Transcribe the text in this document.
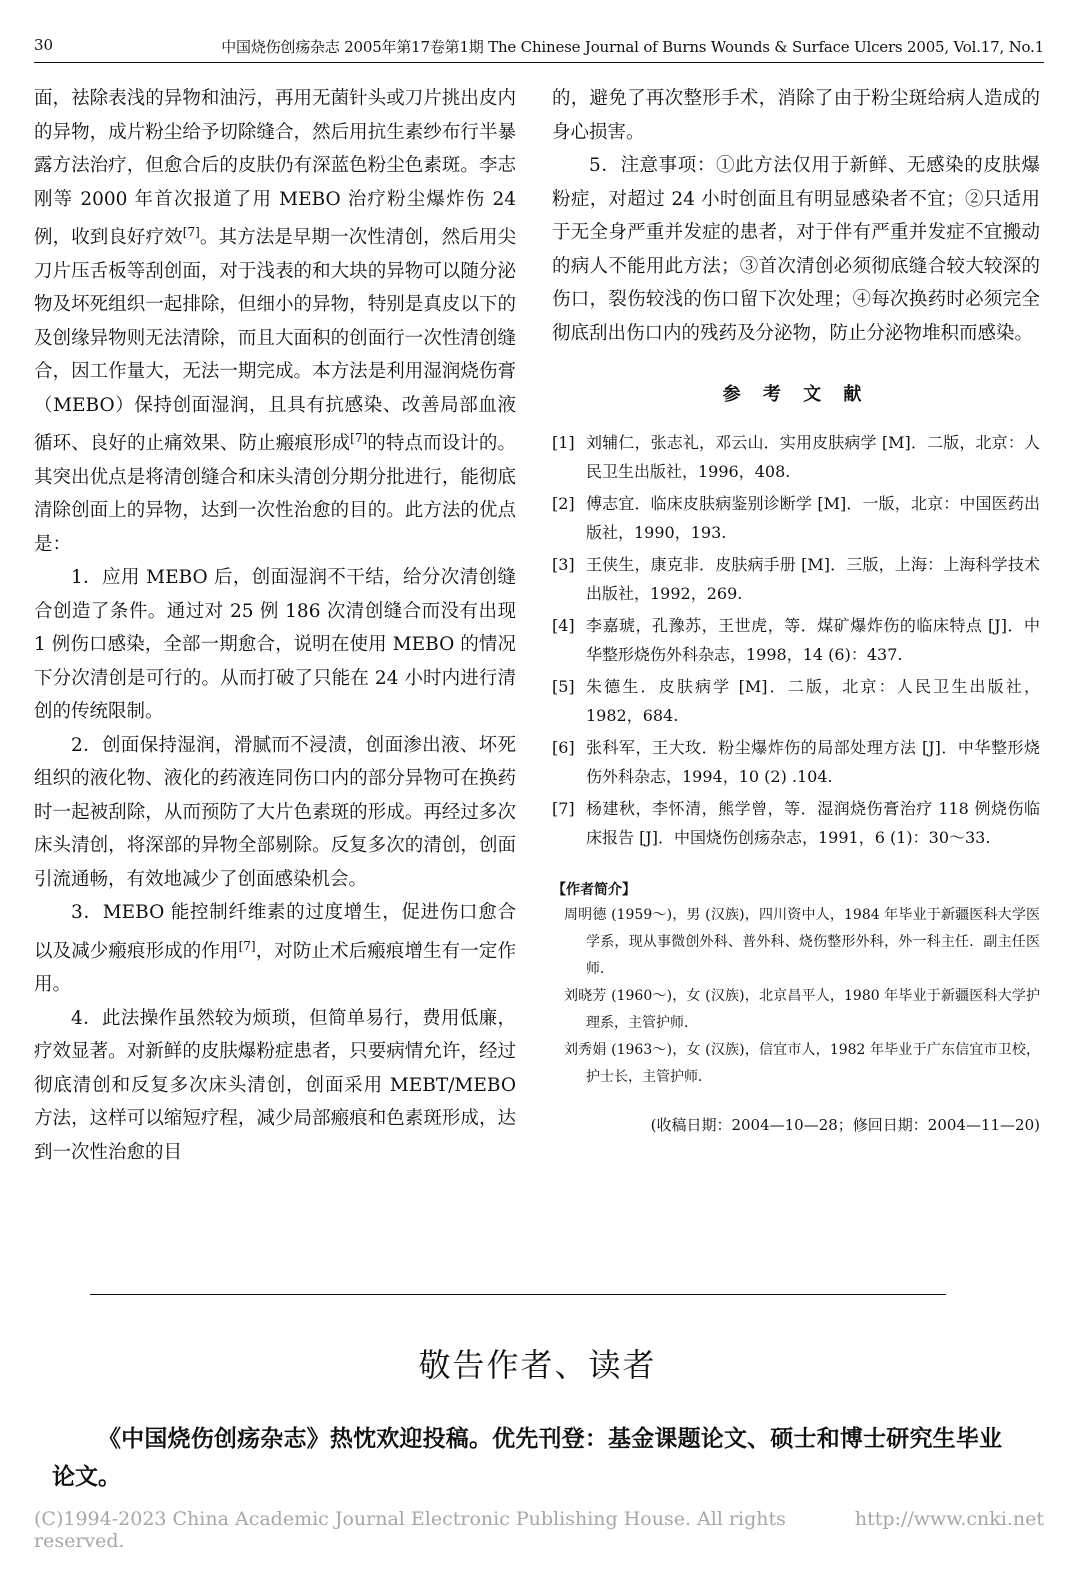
30	中国烧伤创疡杂志 2005年第17卷第1期 The Chinese Journal of Burns Wounds & Surface Ulcers 2005, Vol.17, No.1

面，祛除表浅的异物和油污，再用无菌针头或刀片挑出皮内的异物，成片粉尘给予切除缝合，然后用抗生素纱布行半暴露方法治疗，但愈合后的皮肤仍有深蓝色粉尘色素斑。李志刚等 2000 年首次报道了用 MEBO 治疗粉尘爆炸伤 24 例，收到良好疗效[7]。其方法是早期一次性清创，然后用尖刀片压舌板等刮创面，对于浅表的和大块的异物可以随分泌物及坏死组织一起排除，但细小的异物，特别是真皮以下的及创缘异物则无法清除，而且大面积的创面行一次性清创缝合，因工作量大，无法一期完成。本方法是利用湿润烧伤膏（MEBO）保持创面湿润，且具有抗感染、改善局部血液循环、良好的止痛效果、防止瘢痕形成[7]的特点而设计的。其突出优点是将清创缝合和床头清创分期分批进行，能彻底清除创面上的异物，达到一次性治愈的目的。此方法的优点是：

1．应用 MEBO 后，创面湿润不干结，给分次清创缝合创造了条件。通过对 25 例 186 次清创缝合而没有出现 1 例伤口感染，全部一期愈合，说明在使用 MEBO 的情况下分次清创是可行的。从而打破了只能在 24 小时内进行清创的传统限制。

2．创面保持湿润，滑腻而不浸渍，创面渗出液、坏死组织的液化物、液化的药液连同伤口内的部分异物可在换药时一起被刮除，从而预防了大片色素斑的形成。再经过多次床头清创，将深部的异物全部剔除。反复多次的清创，创面引流通畅，有效地减少了创面感染机会。

3．MEBO 能控制纤维素的过度增生，促进伤口愈合以及减少瘢痕形成的作用[7]，对防止术后瘢痕增生有一定作用。

4．此法操作虽然较为烦琐，但简单易行，费用低廉，疗效显著。对新鲜的皮肤爆粉症患者，只要病情允许，经过彻底清创和反复多次床头清创，创面采用 MEBT/MEBO 方法，这样可以缩短疗程，减少局部瘢痕和色素斑形成，达到一次性治愈的目

的，避免了再次整形手术，消除了由于粉尘斑给病人造成的身心损害。

5．注意事项：①此方法仅用于新鲜、无感染的皮肤爆粉症，对超过 24 小时创面且有明显感染者不宜；②只适用于无全身严重并发症的患者，对于伴有严重并发症不宜搬动的病人不能用此方法；③首次清创必须彻底缝合较大较深的伤口，裂伤较浅的伤口留下次处理；④每次换药时必须完全彻底刮出伤口内的残药及分泌物，防止分泌物堆积而感染。

参 考 文 献

[1] 刘辅仁，张志礼，邓云山．实用皮肤病学 [M]．二版，北京：人民卫生出版社，1996，408.
[2] 傅志宜．临床皮肤病鉴别诊断学 [M]．一版，北京：中国医药出版社，1990，193.
[3] 王侠生，康克非．皮肤病手册 [M]．三版，上海：上海科学技术出版社，1992，269.
[4] 李嘉琥，孔豫苏，王世虎，等．煤矿爆炸伤的临床特点 [J]．中华整形烧伤外科杂志，1998，14 (6)：437.
[5] 朱德生．皮肤病学 [M]．二版，北京：人民卫生出版社，1982，684.
[6] 张科军，王大玫．粉尘爆炸伤的局部处理方法 [J]．中华整形烧伤外科杂志，1994，10 (2) .104.
[7] 杨建秋，李怀清，熊学曾，等．湿润烧伤膏治疗 118 例烧伤临床报告 [J]．中国烧伤创疡杂志，1991，6 (1)：30～33.
【作者简介】
周明德 (1959～)，男 (汉族)，四川资中人，1984 年毕业于新疆医科大学医学系，现从事微创外科、普外科、烧伤整形外科，外一科主任．副主任医师．
刘晓芳 (1960～)，女 (汉族)，北京昌平人，1980 年毕业于新疆医科大学护理系，主管护师．
刘秀娟 (1963～)，女 (汉族)，信宜市人，1982 年毕业于广东信宜市卫校，护士长，主管护师．
(收稿日期：2004—10—28；修回日期：2004—11—20)
敬告作者、读者
《中国烧伤创疡杂志》热忱欢迎投稿。优先刊登：基金课题论文、硕士和博士研究生毕业论文。
(C)1994-2023 China Academic Journal Electronic Publishing House. All rights reserved.
http://www.cnki.net
